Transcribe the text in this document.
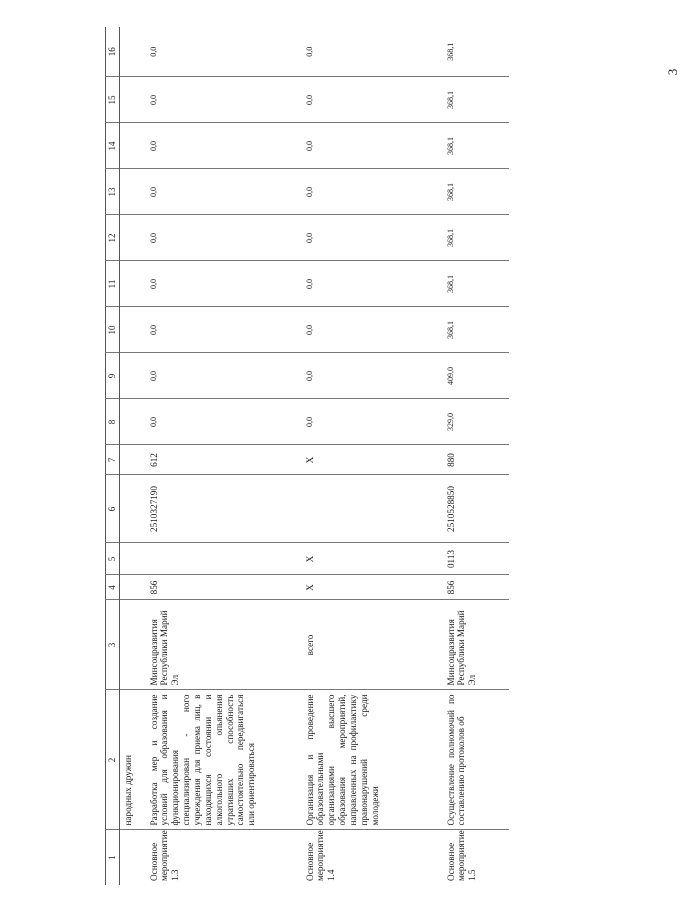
3
1	2	3	4	5	6	7	8	9	10	11	12	13	14	15	16
	народных дружин														
Основное мероприятие 1.3	Разработка мер и создание условий для образования и функционирования специализирован - ного учреждения для приема лиц, в находящихся состоянии и алкогольного опьянения утративших способность самостоятельно передвигаться или ориентироваться	Минсоцразвития Республики Марий Эл	856		2510327190	612	0,0	0,0	0,0	0,0	0,0	0,0	0,0	0,0	0,0
Основное мероприятие 1.4	Организация и проведение образовательными организациями высшего образования мероприятий, направленных на профилактику правонарушений среди молодежи	всего	Х	Х		Х	0,0	0,0	0,0	0,0	0,0	0,0	0,0	0,0	0,0
Основное мероприятие 1.5	Осуществление полномочий по составлению протоколов об	Минсоцразвития Республики Марий Эл	856	0113	2510528850	880	329,0	409,0	368,1	368,1	368,1	368,1	368,1	368,1	368,1
